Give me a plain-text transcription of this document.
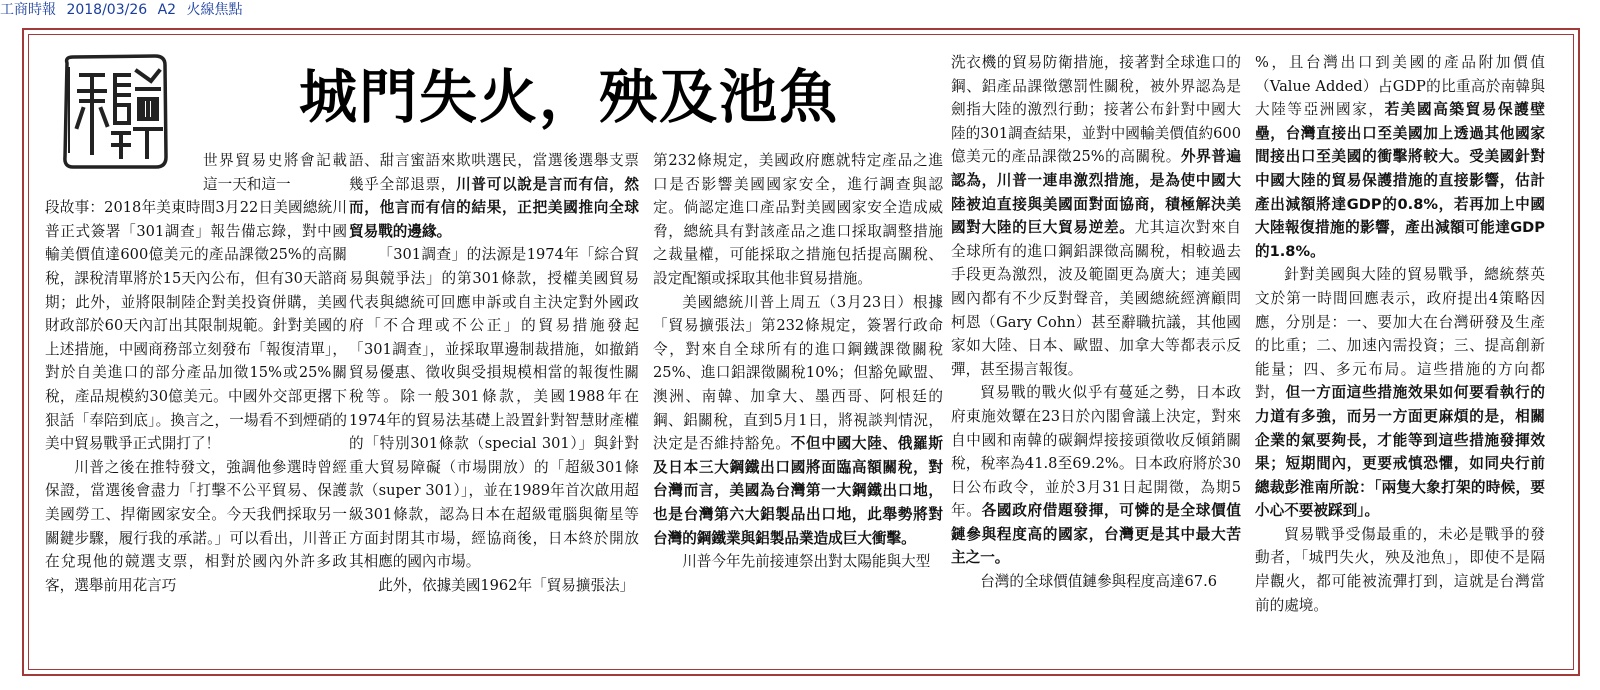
工商時報 2018/03/26 A2 火線焦點
社論	城門失火，殃及池魚

世界貿易史將會記載這一天和這一

段故事：2018年美東時間3月22日美國總統川普正式簽署「301調查」報告備忘錄，對中國輸美價值達600億美元的產品課徵25%的高關稅，課稅清單將於15天內公布，但有30天諮商期；此外，並將限制陸企對美投資併購，美國財政部於60天內訂出其限制規範。針對美國的上述措施，中國商務部立刻發布「報復清單」，對於自美進口的部分產品加徵15%或25%關稅，產品規模約30億美元。中國外交部更撂下狠話「奉陪到底」。換言之，一場看不到煙硝的美中貿易戰爭正式開打了！

川普之後在推特發文，強調他參選時曾經保證，當選後會盡力「打擊不公平貿易、保護美國勞工、捍衛國家安全。今天我們採取另一關鍵步驟，履行我的承諾。」可以看出，川普正在兌現他的競選支票，相對於國內外許多政客，選舉前用花言巧

語、甜言蜜語來欺哄選民，當選後選舉支票幾乎全部退票，川普可以說是言而有信，然而，他言而有信的結果，正把美國推向全球貿易戰的邊緣。

「301調查」的法源是1974年「綜合貿易與競爭法」的第301條款，授權美國貿易代表與總統可回應申訴或自主決定對外國政府「不合理或不公正」的貿易措施發起「301調查」，並採取單邊制裁措施，如撤銷貿易優惠、徵收與受損規模相當的報復性關稅等。除一般301條款，美國1988年在1974年的貿易法基礎上設置針對智慧財產權的「特別301條款（special 301）」與針對重大貿易障礙（市場開放）的「超級301條款（super 301）」，並在1989年首次啟用超級301條款，認為日本在超級電腦與衛星等方面封閉其市場，經協商後，日本終於開放其相應的國內市場。

此外，依據美國1962年「貿易擴張法」

第232條規定，美國政府應就特定產品之進口是否影響美國國家安全，進行調查與認定。倘認定進口產品對美國國家安全造成威脅，總統具有對該產品之進口採取調整措施之裁量權，可能採取之措施包括提高關稅、設定配額或採取其他非貿易措施。

美國總統川普上周五（3月23日）根據「貿易擴張法」第232條規定，簽署行政命令，對來自全球所有的進口鋼鐵課徵關稅25%、進口鋁課徵關稅10%；但豁免歐盟、澳洲、南韓、加拿大、墨西哥、阿根廷的鋼、鋁關稅，直到5月1日，將視談判情況，決定是否維持豁免。不但中國大陸、俄羅斯及日本三大鋼鐵出口國將面臨高額關稅，對台灣而言，美國為台灣第一大鋼鐵出口地，也是台灣第六大鋁製品出口地，此舉勢將對台灣的鋼鐵業與鋁製品業造成巨大衝擊。

川普今年先前接連祭出對太陽能與大型

洗衣機的貿易防衛措施，接著對全球進口的鋼、鋁產品課徵懲罰性關稅，被外界認為是劍指大陸的激烈行動；接著公布針對中國大陸的301調查結果，並對中國輸美價值約600億美元的產品課徵25%的高關稅。外界普遍認為，川普一連串激烈措施，是為使中國大陸被迫直接與美國面對面協商，積極解決美國對大陸的巨大貿易逆差。尤其這次對來自全球所有的進口鋼鋁課徵高關稅，相較過去手段更為激烈，波及範圍更為廣大；連美國國內都有不少反對聲音，美國總統經濟顧問柯恩（Gary Cohn）甚至辭職抗議，其他國家如大陸、日本、歐盟、加拿大等都表示反彈，甚至揚言報復。

貿易戰的戰火似乎有蔓延之勢，日本政府東施效顰在23日於內閣會議上決定，對來自中國和南韓的碳鋼焊接接頭徵收反傾銷關稅，稅率為41.8至69.2%。日本政府將於30日公布政令，並於3月31日起開徵，為期5年。各國政府借題發揮，可憐的是全球價值鏈參與程度高的國家，台灣更是其中最大苦主之一。

台灣的全球價值鏈參與程度高達67.6

%，且台灣出口到美國的產品附加價值（Value Added）占GDP的比重高於南韓與大陸等亞洲國家，若美國高築貿易保護壁壘，台灣直接出口至美國加上透過其他國家間接出口至美國的衝擊將較大。受美國針對中國大陸的貿易保護措施的直接影響，估計產出減額將達GDP的0.8%，若再加上中國大陸報復措施的影響，產出減額可能達GDP的1.8%。

針對美國與大陸的貿易戰爭，總統蔡英文於第一時間回應表示，政府提出4策略因應，分別是：一、要加大在台灣研發及生產的比重；二、加速內需投資；三、提高創新能量；四、多元布局。這些措施的方向都對，但一方面這些措施效果如何要看執行的力道有多強，而另一方面更麻煩的是，相關企業的氣要夠長，才能等到這些措施發揮效果；短期間內，更要戒慎恐懼，如同央行前總裁彭淮南所說：「兩隻大象打架的時候，要小心不要被踩到」。

貿易戰爭受傷最重的，未必是戰爭的發動者，「城門失火，殃及池魚」，即使不是隔岸觀火，都可能被流彈打到，這就是台灣當前的處境。
